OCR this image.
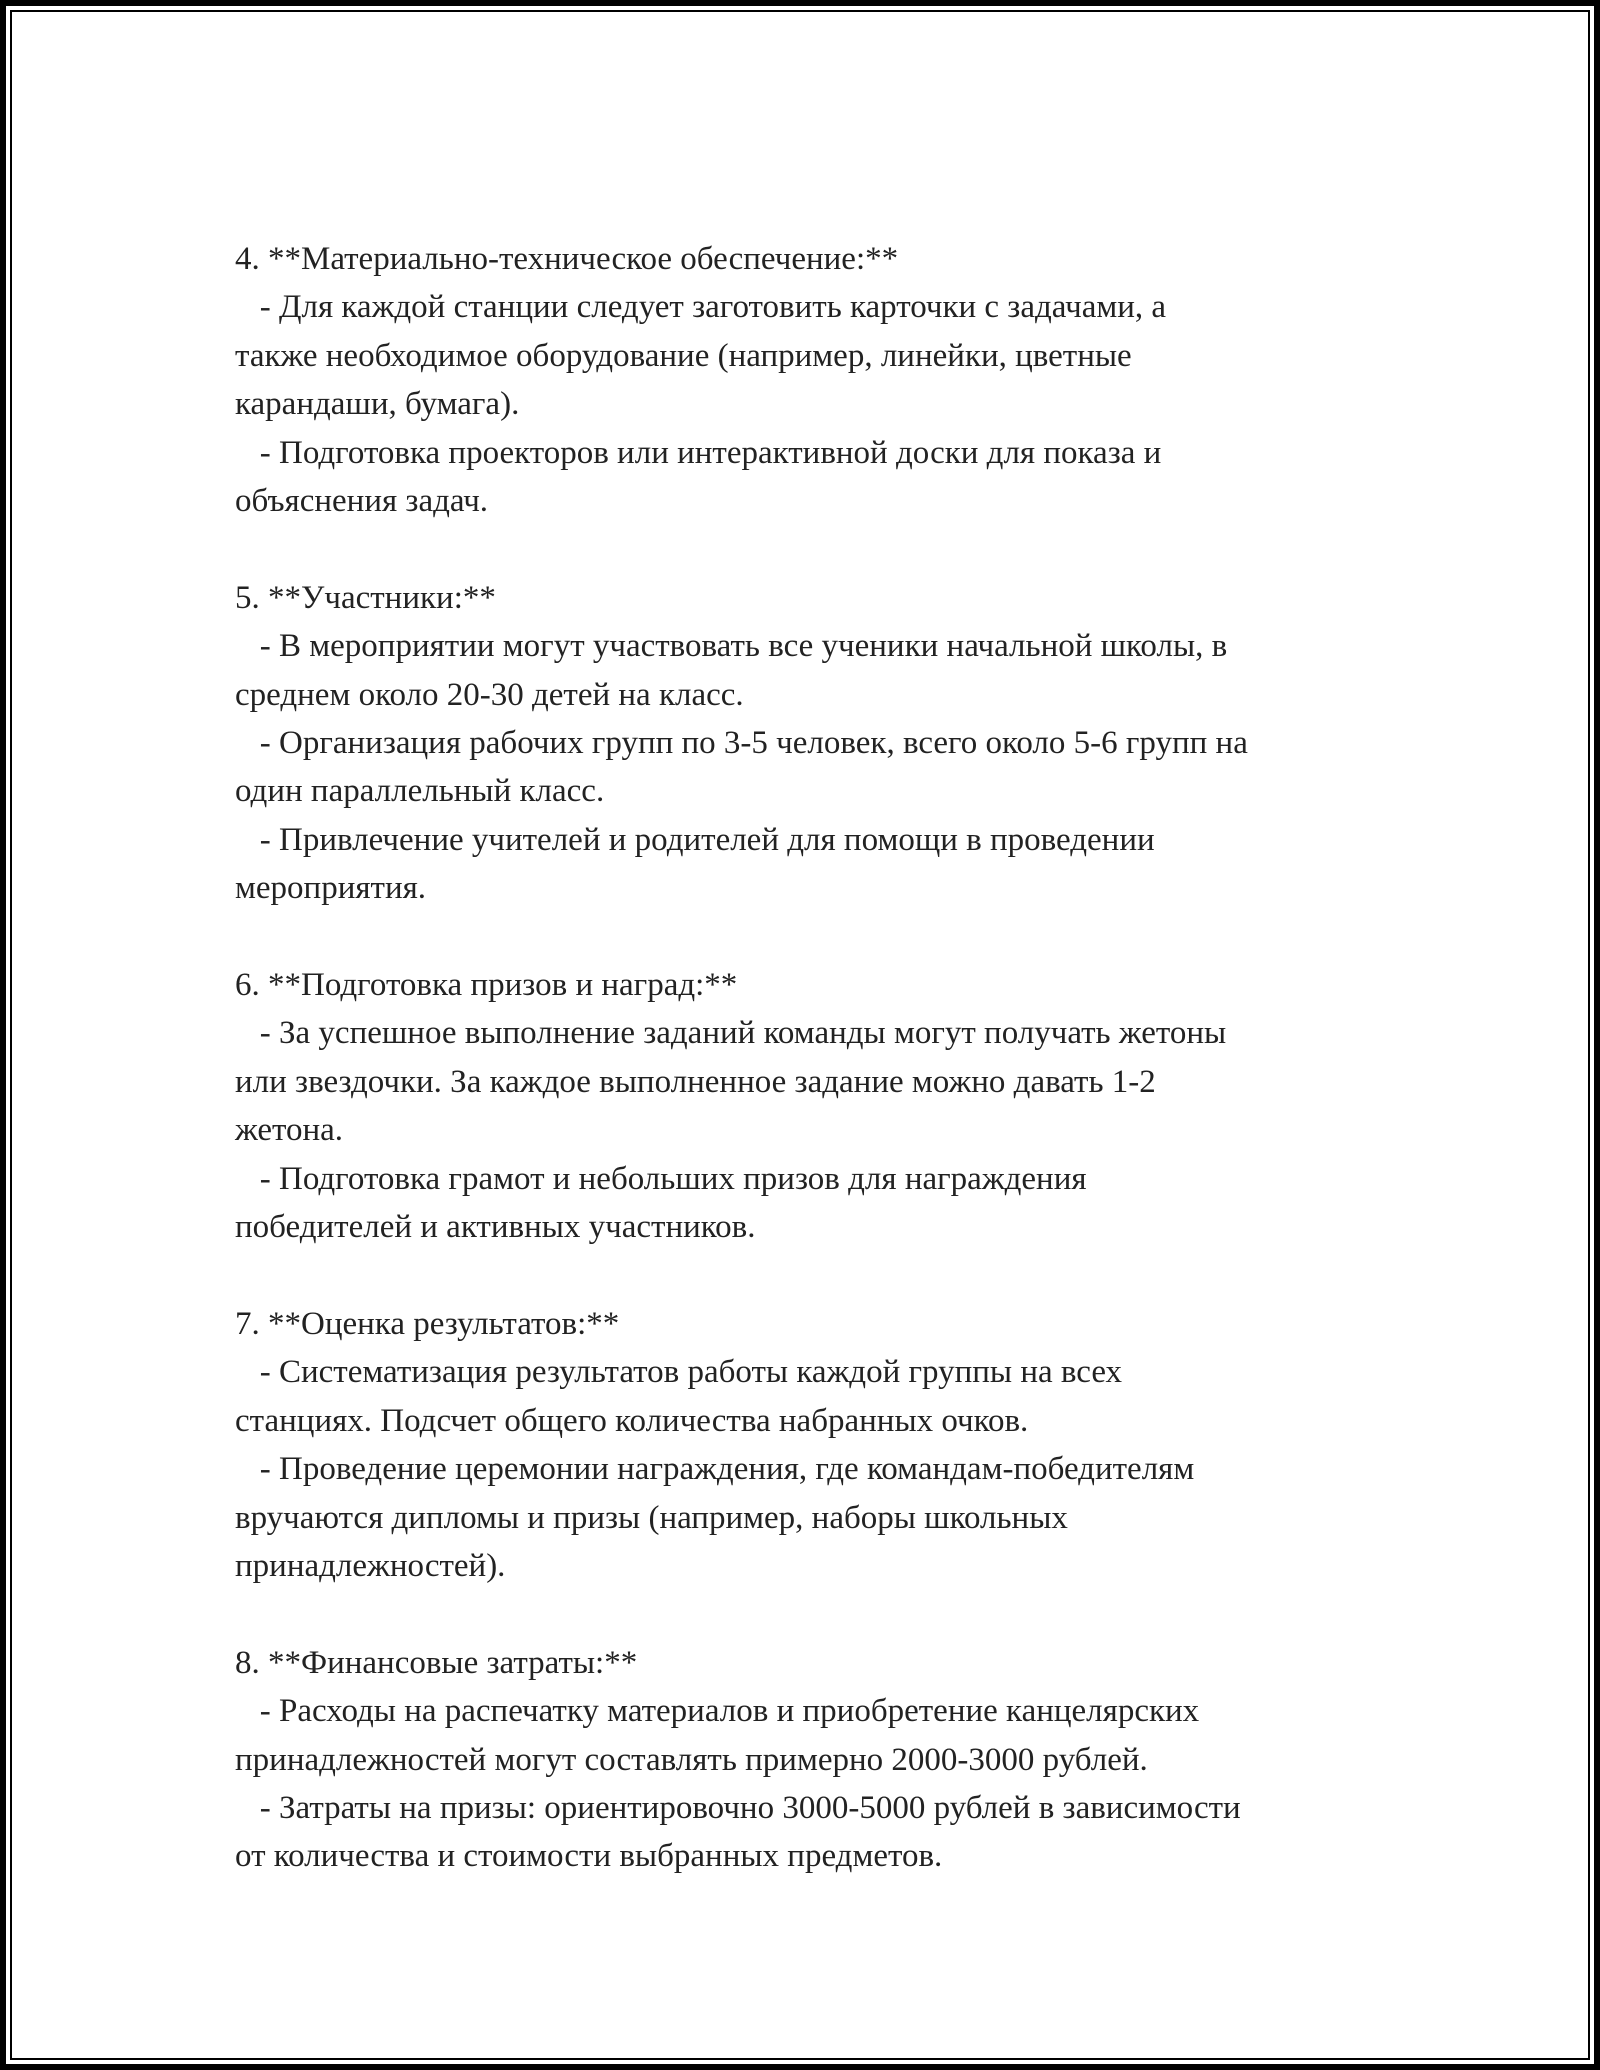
4. **Материально-техническое обеспечение:**
- Для каждой станции следует заготовить карточки с задачами, а
также необходимое оборудование (например, линейки, цветные
карандаши, бумага).
- Подготовка проекторов или интерактивной доски для показа и
объяснения задач.
5. **Участники:**
- В мероприятии могут участвовать все ученики начальной школы, в
среднем около 20-30 детей на класс.
- Организация рабочих групп по 3-5 человек, всего около 5-6 групп на
один параллельный класс.
- Привлечение учителей и родителей для помощи в проведении
мероприятия.
6. **Подготовка призов и наград:**
- За успешное выполнение заданий команды могут получать жетоны
или звездочки. За каждое выполненное задание можно давать 1-2
жетона.
- Подготовка грамот и небольших призов для награждения
победителей и активных участников.
7. **Оценка результатов:**
- Систематизация результатов работы каждой группы на всех
станциях. Подсчет общего количества набранных очков.
- Проведение церемонии награждения, где командам-победителям
вручаются дипломы и призы (например, наборы школьных
принадлежностей).
8. **Финансовые затраты:**
- Расходы на распечатку материалов и приобретение канцелярских
принадлежностей могут составлять примерно 2000-3000 рублей.
- Затраты на призы: ориентировочно 3000-5000 рублей в зависимости
от количества и стоимости выбранных предметов.
